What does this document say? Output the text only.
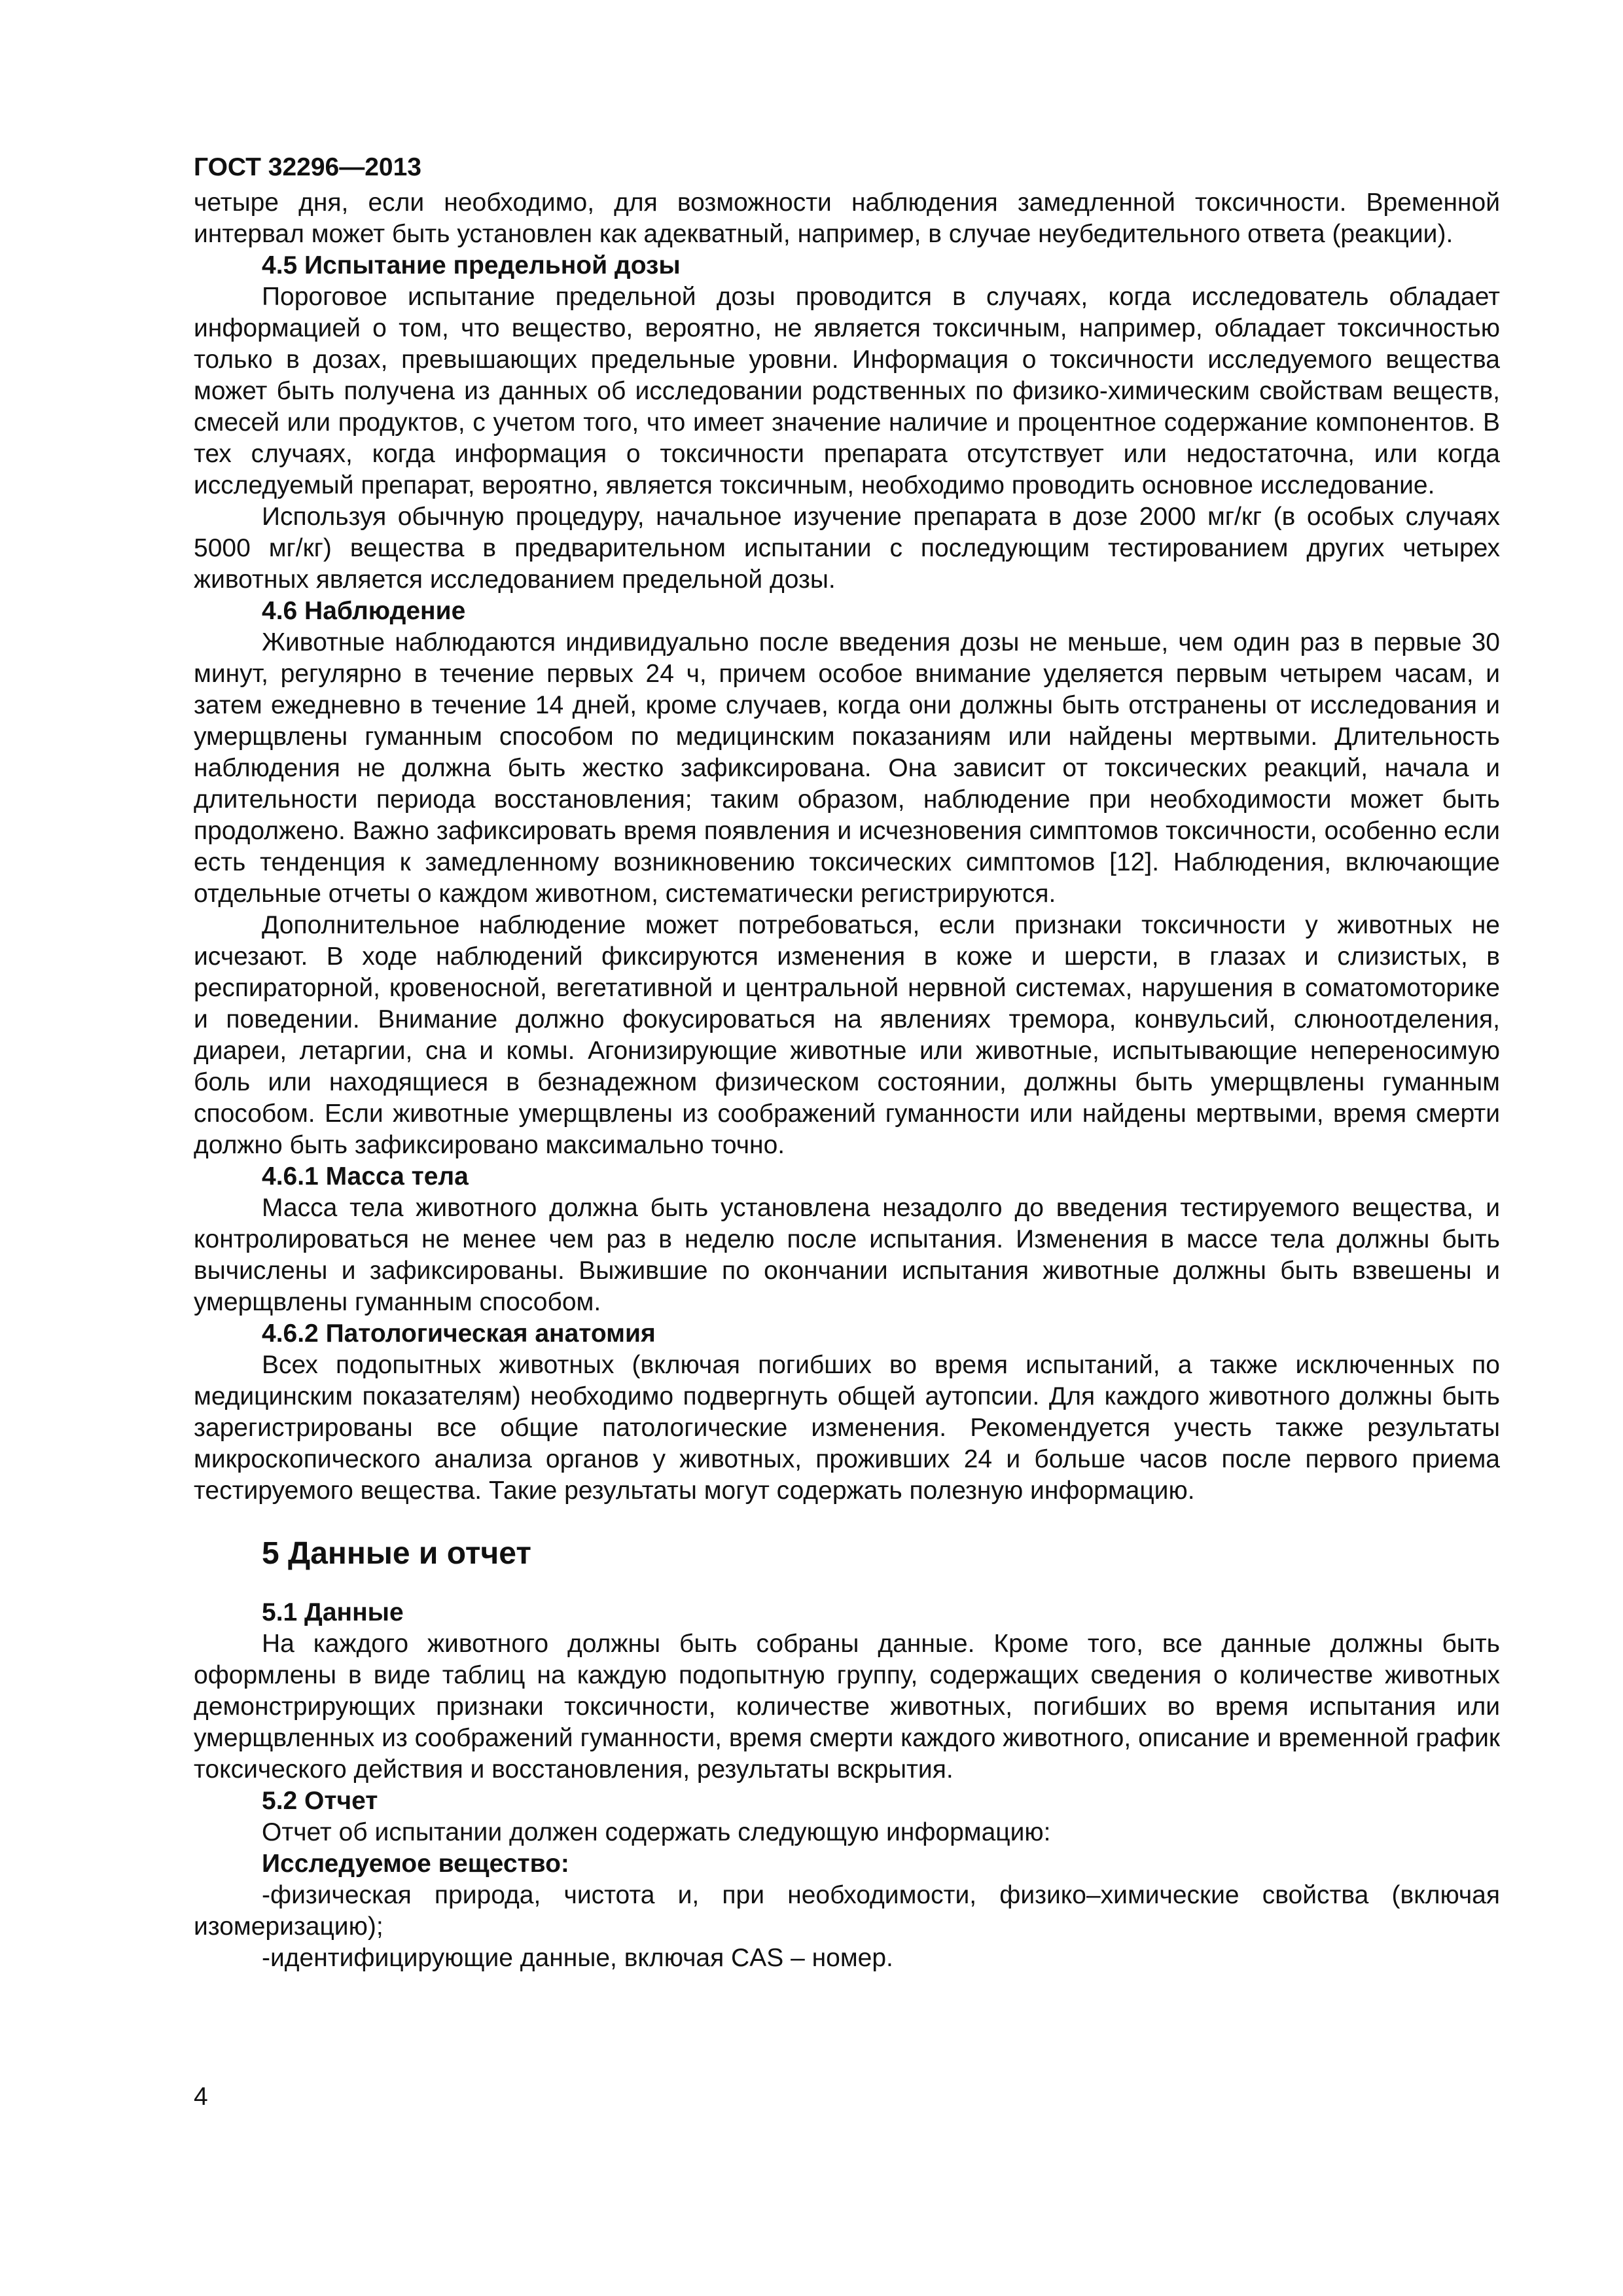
ГОСТ 32296—2013

четыре дня, если необходимо, для возможности наблюдения замедленной токсичности. Временной интервал может быть установлен как адекватный, например, в случае неубедительного ответа (реакции).

4.5 Испытание предельной дозы

Пороговое испытание предельной дозы проводится в случаях, когда исследователь обладает информацией о том, что вещество, вероятно, не является токсичным, например, обладает токсичностью только в дозах, превышающих предельные уровни. Информация о токсичности исследуемого вещества может быть получена из данных об исследовании родственных по физико-химическим свойствам веществ, смесей или продуктов, с учетом того, что имеет значение наличие и процентное содержание компонентов. В тех случаях, когда информация о токсичности препарата отсутствует или недостаточна, или когда исследуемый препарат, вероятно, является токсичным, необходимо проводить основное исследование.

Используя обычную процедуру, начальное изучение препарата в дозе 2000 мг/кг (в особых случаях 5000 мг/кг) вещества в предварительном испытании с последующим тестированием других четырех животных является исследованием предельной дозы.

4.6 Наблюдение

Животные наблюдаются индивидуально после введения дозы не меньше, чем один раз в первые 30 минут, регулярно в течение первых 24 ч, причем особое внимание уделяется первым четырем часам, и затем ежедневно в течение 14 дней, кроме случаев, когда они должны быть отстранены от исследования и умерщвлены гуманным способом по медицинским показаниям или найдены мертвыми. Длительность наблюдения не должна быть жестко зафиксирована. Она зависит от токсических реакций, начала и длительности периода восстановления; таким образом, наблюдение при необходимости может быть продолжено. Важно зафиксировать время появления и исчезновения симптомов токсичности, особенно если есть тенденция к замедленному возникновению токсических симптомов [12]. Наблюдения, включающие отдельные отчеты о каждом животном, систематически регистрируются.

Дополнительное наблюдение может потребоваться, если признаки токсичности у животных не исчезают. В ходе наблюдений фиксируются изменения в коже и шерсти, в глазах и слизистых, в респираторной, кровеносной, вегетативной и центральной нервной системах, нарушения в соматомоторике и поведении. Внимание должно фокусироваться на явлениях тремора, конвульсий, слюноотделения, диареи, летаргии, сна и комы. Агонизирующие животные или животные, испытывающие непереносимую боль или находящиеся в безнадежном физическом состоянии, должны быть умерщвлены гуманным способом. Если животные умерщвлены из соображений гуманности или найдены мертвыми, время смерти должно быть зафиксировано максимально точно.

4.6.1 Масса тела

Масса тела животного должна быть установлена незадолго до введения тестируемого вещества, и контролироваться не менее чем раз в неделю после испытания. Изменения в массе тела должны быть вычислены и зафиксированы. Выжившие по окончании испытания животные должны быть взвешены и умерщвлены гуманным способом.

4.6.2 Патологическая анатомия

Всех подопытных животных (включая погибших во время испытаний, а также исключенных по медицинским показателям) необходимо подвергнуть общей аутопсии. Для каждого животного должны быть зарегистрированы все общие патологические изменения. Рекомендуется учесть также результаты микроскопического анализа органов у животных, проживших 24 и больше часов после первого приема тестируемого вещества. Такие результаты могут содержать полезную информацию.

5 Данные и отчет
5.1 Данные

На каждого животного должны быть собраны данные. Кроме того, все данные должны быть оформлены в виде таблиц на каждую подопытную группу, содержащих сведения о количестве животных демонстрирующих признаки токсичности, количестве животных, погибших во время испытания или умерщвленных из соображений гуманности, время смерти каждого животного, описание и временной график токсического действия и восстановления, результаты вскрытия.

5.2 Отчет

Отчет об испытании должен содержать следующую информацию:

Исследуемое вещество:

-физическая природа, чистота и, при необходимости, физико–химические свойства (включая изомеризацию);

-идентифицирующие данные, включая CAS – номер.

4
